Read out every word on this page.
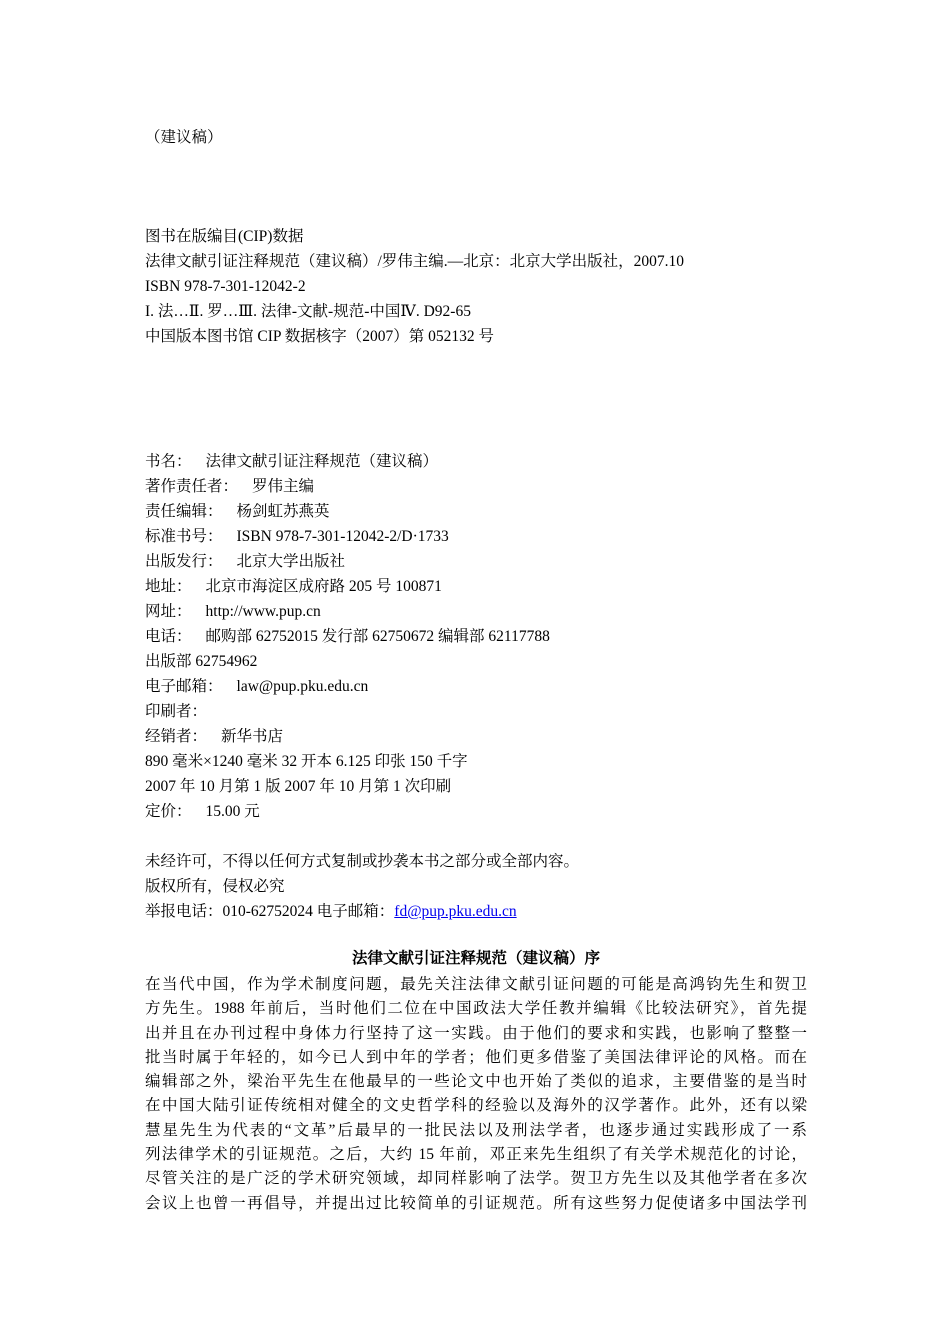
（建议稿）
图书在版编目(CIP)数据
法律文献引证注释规范（建议稿）/罗伟主编.—北京：北京大学出版社，2007.10
ISBN 978-7-301-12042-2
I. 法…Ⅱ. 罗…Ⅲ. 法律-文献-规范-中国Ⅳ. D92-65
中国版本图书馆 CIP 数据核字（2007）第 052132 号
书名： 法律文献引证注释规范（建议稿）
著作责任者： 罗伟主编
责任编辑： 杨剑虹苏燕英
标准书号： ISBN 978-7-301-12042-2/D·1733
出版发行： 北京大学出版社
地址： 北京市海淀区成府路 205 号 100871
网址： http://www.pup.cn
电话： 邮购部 62752015 发行部 62750672 编辑部 62117788
出版部 62754962
电子邮箱： law@pup.pku.edu.cn
印刷者：
经销者： 新华书店
890 毫米×1240 毫米 32 开本 6.125 印张 150 千字
2007 年 10 月第 1 版 2007 年 10 月第 1 次印刷
定价： 15.00 元
未经许可，不得以任何方式复制或抄袭本书之部分或全部内容。
版权所有，侵权必究
举报电话：010-62752024 电子邮箱：fd@pup.pku.edu.cn
法律文献引证注释规范（建议稿）序
在当代中国，作为学术制度问题，最先关注法律文献引证问题的可能是高鸿钧先生和贺卫
方先生。1988 年前后，当时他们二位在中国政法大学任教并编辑《比较法研究》，首先提
出并且在办刊过程中身体力行坚持了这一实践。由于他们的要求和实践，也影响了整整一
批当时属于年轻的，如今已人到中年的学者；他们更多借鉴了美国法律评论的风格。而在
编辑部之外，梁治平先生在他最早的一些论文中也开始了类似的追求，主要借鉴的是当时
在中国大陆引证传统相对健全的文史哲学科的经验以及海外的汉学著作。此外，还有以梁
慧星先生为代表的“文革”后最早的一批民法以及刑法学者，也逐步通过实践形成了一系
列法律学术的引证规范。之后，大约 15 年前，邓正来先生组织了有关学术规范化的讨论，
尽管关注的是广泛的学术研究领域，却同样影响了法学。贺卫方先生以及其他学者在多次
会议上也曾一再倡导，并提出过比较简单的引证规范。所有这些努力促使诸多中国法学刊
